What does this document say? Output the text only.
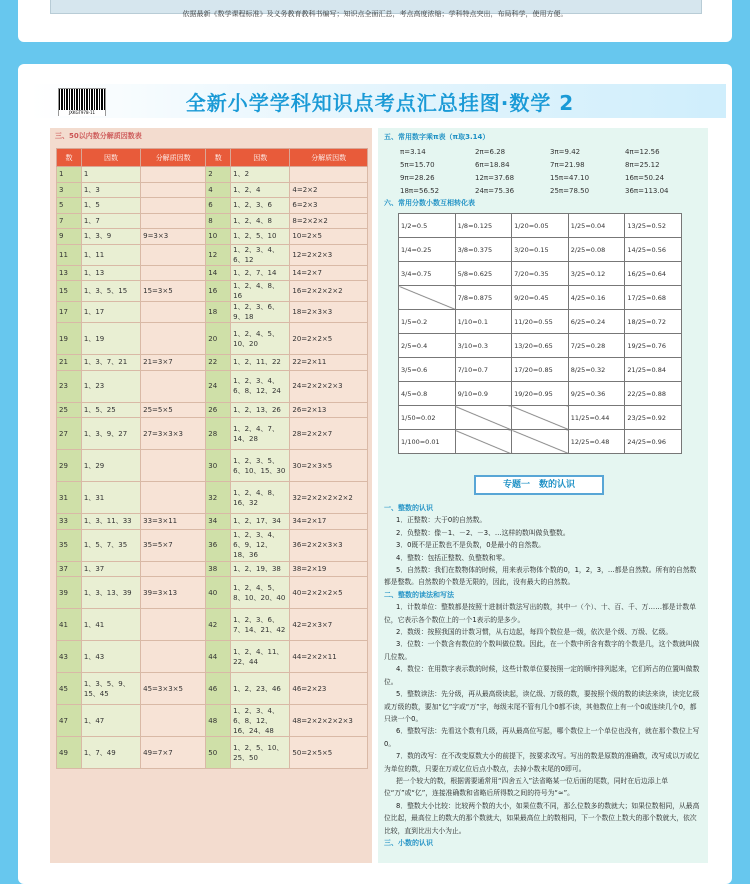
依据最新《数学课程标准》及义务教育教科书编写；知识点全面汇总，考点高度浓缩；学科特点突出，布局科学，使用方便。
JXKGT978-11	全新小学学科知识点考点汇总挂图·数学 2
三、50以内数分解质因数表
数	因数	分解质因数	数	因数	分解质因数
1	1		2	1、2	
3	1、3		4	1、2、4	4=2×2
5	1、5		6	1、2、3、6	6=2×3
7	1、7		8	1、2、4、8	8=2×2×2
9	1、3、9	9=3×3	10	1、2、5、10	10=2×5
11	1、11		12	1、2、3、4、6、12	12=2×2×3
13	1、13		14	1、2、7、14	14=2×7
15	1、3、5、15	15=3×5	16	1、2、4、8、16	16=2×2×2×2
17	1、17		18	1、2、3、6、9、18	18=2×3×3
19	1、19		20	1、2、4、5、10、20	20=2×2×5
21	1、3、7、21	21=3×7	22	1、2、11、22	22=2×11
23	1、23		24	1、2、3、4、6、8、12、24	24=2×2×2×3
25	1、5、25	25=5×5	26	1、2、13、26	26=2×13
27	1、3、9、27	27=3×3×3	28	1、2、4、7、14、28	28=2×2×7
29	1、29		30	1、2、3、5、6、10、15、30	30=2×3×5
31	1、31		32	1、2、4、8、16、32	32=2×2×2×2×2
33	1、3、11、33	33=3×11	34	1、2、17、34	34=2×17
35	1、5、7、35	35=5×7	36	1、2、3、4、6、9、12、18、36	36=2×2×3×3
37	1、37		38	1、2、19、38	38=2×19
39	1、3、13、39	39=3×13	40	1、2、4、5、8、10、20、40	40=2×2×2×5
41	1、41		42	1、2、3、6、7、14、21、42	42=2×3×7
43	1、43		44	1、2、4、11、22、44	44=2×2×11
45	1、3、5、9、15、45	45=3×3×5	46	1、2、23、46	46=2×23
47	1、47		48	1、2、3、4、6、8、12、16、24、48	48=2×2×2×2×3
49	1、7、49	49=7×7	50	1、2、5、10、25、50	50=2×5×5
五、常用数字乘π表（π取3.14）
π=3.14	2π=6.28	3π=9.42	4π=12.56
5π=15.70	6π=18.84	7π=21.98	8π=25.12
9π=28.26	12π=37.68	15π=47.10	16π=50.24
18π=56.52	24π=75.36	25π=78.50	36π=113.04
六、常用分数小数互相转化表
1/2=0.5	1/8=0.125	1/20=0.05	1/25=0.04	13/25=0.52
1/4=0.25	3/8=0.375	3/20=0.15	2/25=0.08	14/25=0.56
3/4=0.75	5/8=0.625	7/20=0.35	3/25=0.12	16/25=0.64
	7/8=0.875	9/20=0.45	4/25=0.16	17/25=0.68
1/5=0.2	1/10=0.1	11/20=0.55	6/25=0.24	18/25=0.72
2/5=0.4	3/10=0.3	13/20=0.65	7/25=0.28	19/25=0.76
3/5=0.6	7/10=0.7	17/20=0.85	8/25=0.32	21/25=0.84
4/5=0.8	9/10=0.9	19/20=0.95	9/25=0.36	22/25=0.88
1/50=0.02			11/25=0.44	23/25=0.92
1/100=0.01			12/25=0.48	24/25=0.96
专题一　数的认识

一、整数的认识

1．正整数：大于0的自然数。

2．负整数：像－1、－2、－3、…这样的数叫做负整数。

3．0既不是正数也不是负数，0是最小的自然数。

4．整数：包括正整数、负整数和零。

5．自然数：我们在数物体的时候，用来表示物体个数的0，1，2，3，…都是自然数。所有的自然数都是整数。自然数的个数是无限的，因此，没有最大的自然数。

二、整数的读法和写法

1．计数单位：整数都是按照十进制计数法写出的数，其中一（个）、十、百、千、万……都是计数单位，它表示各个数位上的一个1表示的是多少。

2．数级：按照我国的计数习惯，从右边起，每四个数位是一级，依次是个级、万级、亿级。

3．位数：一个数含有数位的个数叫做位数。因此，在一个数中所含有数字的个数是几，这个数就叫做几位数。

4．数位：在用数字表示数的时候，这些计数单位要按照一定的顺序排列起来，它们所占的位置叫做数位。

5．整数读法：先分级，再从最高级读起，读亿级、万级的数，要按照个级的数的读法来读，读完亿级或万级的数，要加“亿”字或“万”字，每级末尾不管有几个0都不读，其他数位上有一个0或连续几个0，都只读一个0。

6．整数写法：先看这个数有几级，再从最高位写起，哪个数位上一个单位也没有，就在那个数位上写0。

7．数的改写：在不改变原数大小的前提下，按要求改写。写出的数是原数的准确数，改写成以万或亿为单位的数，只要在万或亿位后点小数点，去掉小数末尾的0即可。

把一个较大的数，根据需要通常用“四舍五入”法省略某一位后面的尾数，同时在后边添上单位“万”或“亿”，连接准确数和省略后所得数之间的符号为“≈”。

8．整数大小比较：比较两个数的大小，如果位数不同，那么位数多的数就大；如果位数相同，从最高位比起，最高位上的数大的那个数就大，如果最高位上的数相同，下一个数位上数大的那个数就大，依次比较，直到比出大小为止。

三、小数的认识
